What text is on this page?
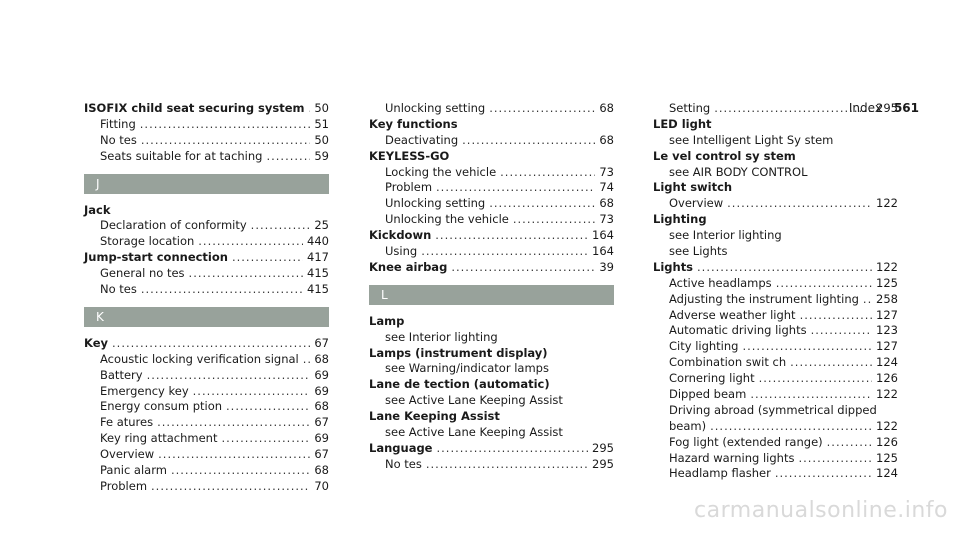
Index 561
ISOFIX child seat securing system ..... 50
Fitting .....	51
No tes .....	50
Seats suitable for at taching .....	59
J
Jack
Declaration of conformity .....	25
Storage location .....	440
Jump-start connection .....	417
General no tes .....	415
No tes .....	415
K
Key .....	67
Acoustic locking verification signal ..... 68
Battery .....	69
Emergency key .....	69
Energy consum ption .....	68
Fe atures .....	67
Key ring attachment .....	69
Overview .....	67
Panic alarm .....	68
Problem .....	70
Unlocking setting .....	68
Key functions
Deactivating .....	68
KEYLESS-GO
Locking the vehicle .....	73
Problem .....	74
Unlocking setting .....	68
Unlocking the vehicle .....	73
Kickdown .....	164
Using .....	164
Knee airbag .....	39
L
Lamp
see Interior lighting
Lamps (instrument display)
see Warning/indicator lamps
Lane de tection (automatic)
see Active Lane Keeping Assist
Lane Keeping Assist
see Active Lane Keeping Assist
Language .....	295
No tes .....	295
Setting .....	295
LED light
see Intelligent Light Sy stem
Le vel control sy stem
see AIR BODY CONTROL
Light switch
Overview .....	122
Lighting
see Interior lighting
see Lights
Lights .....	122
Active headlamps .....	125
Adjusting the instrument lighting ..... 258
Adverse weather light .....	127
Automatic driving lights .....	123
City lighting .....	127
Combination swit ch .....	124
Cornering light .....	126
Dipped beam .....	122
Driving abroad (symmetrical dipped
beam) .....	122
Fog light (extended range) .....	126
Hazard warning lights .....	125
Headlamp flasher .....	124
carmanualsonline.info
